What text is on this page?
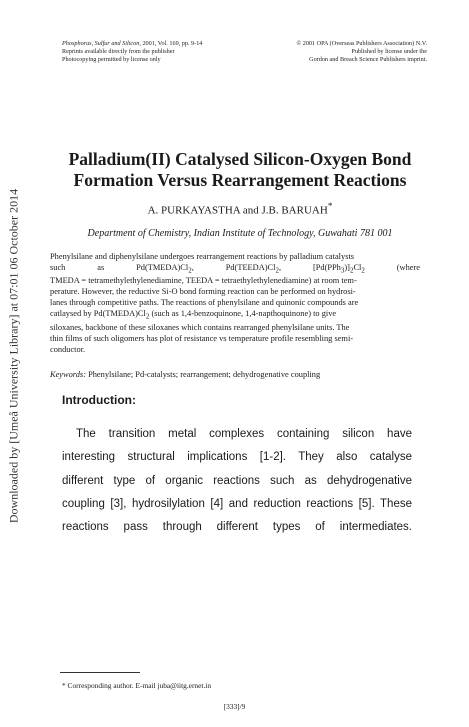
Downloaded by [Umeå University Library] at 07:01 06 October 2014
Phosphorus, Sulfur and Silicon, 2001, Vol. 169, pp. 9-14
Reprints available directly from the publisher
Photocopying permitted by license only
© 2001 OPA (Overseas Publishers Association) N.V.
Published by license under the
Gordon and Breach Science Publishers imprint.
Palladium(II) Catalysed Silicon-Oxygen Bond
Formation Versus Rearrangement Reactions
A. PURKAYASTHA and J.B. BARUAH*
Department of Chemistry, Indian Institute of Technology, Guwahati 781 001
Phenylsilane and diphenylsilane undergoes rearrangement reactions by palladium catalysts
such	as	$Pd(TMEDA)Cl_2$,	$Pd(TEEDA)Cl_2$,	$[Pd(PPh_3)]_2Cl_2$	(where
TMEDA = tetramethylethylenediamine, TEEDA = tetraethylethylenediamine) at room tem-
perature. However, the reductive Si-O bond forming reaction can be performed on hydrosi-
lanes through competitive paths. The reactions of phenylsilane and quinonic compounds are
catlaysed by $Pd(TMEDA)Cl_2$ (such as 1,4-benzoquinone, 1,4-napthoquinone) to give
siloxanes, backbone of these siloxanes which contains rearranged phenylsilane units. The
thin films of such oligomers has plot of resistance vs temperature profile resembling semi-
conductor.
Keywords: Phenylsilane; Pd-catalysts; rearrangement; dehydrogenative coupling
Introduction:
The transition metal complexes containing silicon have
interesting structural implications [1-2]. They also catalyse
different type of organic reactions such as dehydrogenative
coupling [3], hydrosilylation [4] and reduction reactions [5]. These
reactions pass through different types of intermediates.
* Corresponding author. E-mail juba@iitg.ernet.in
[333]/9
